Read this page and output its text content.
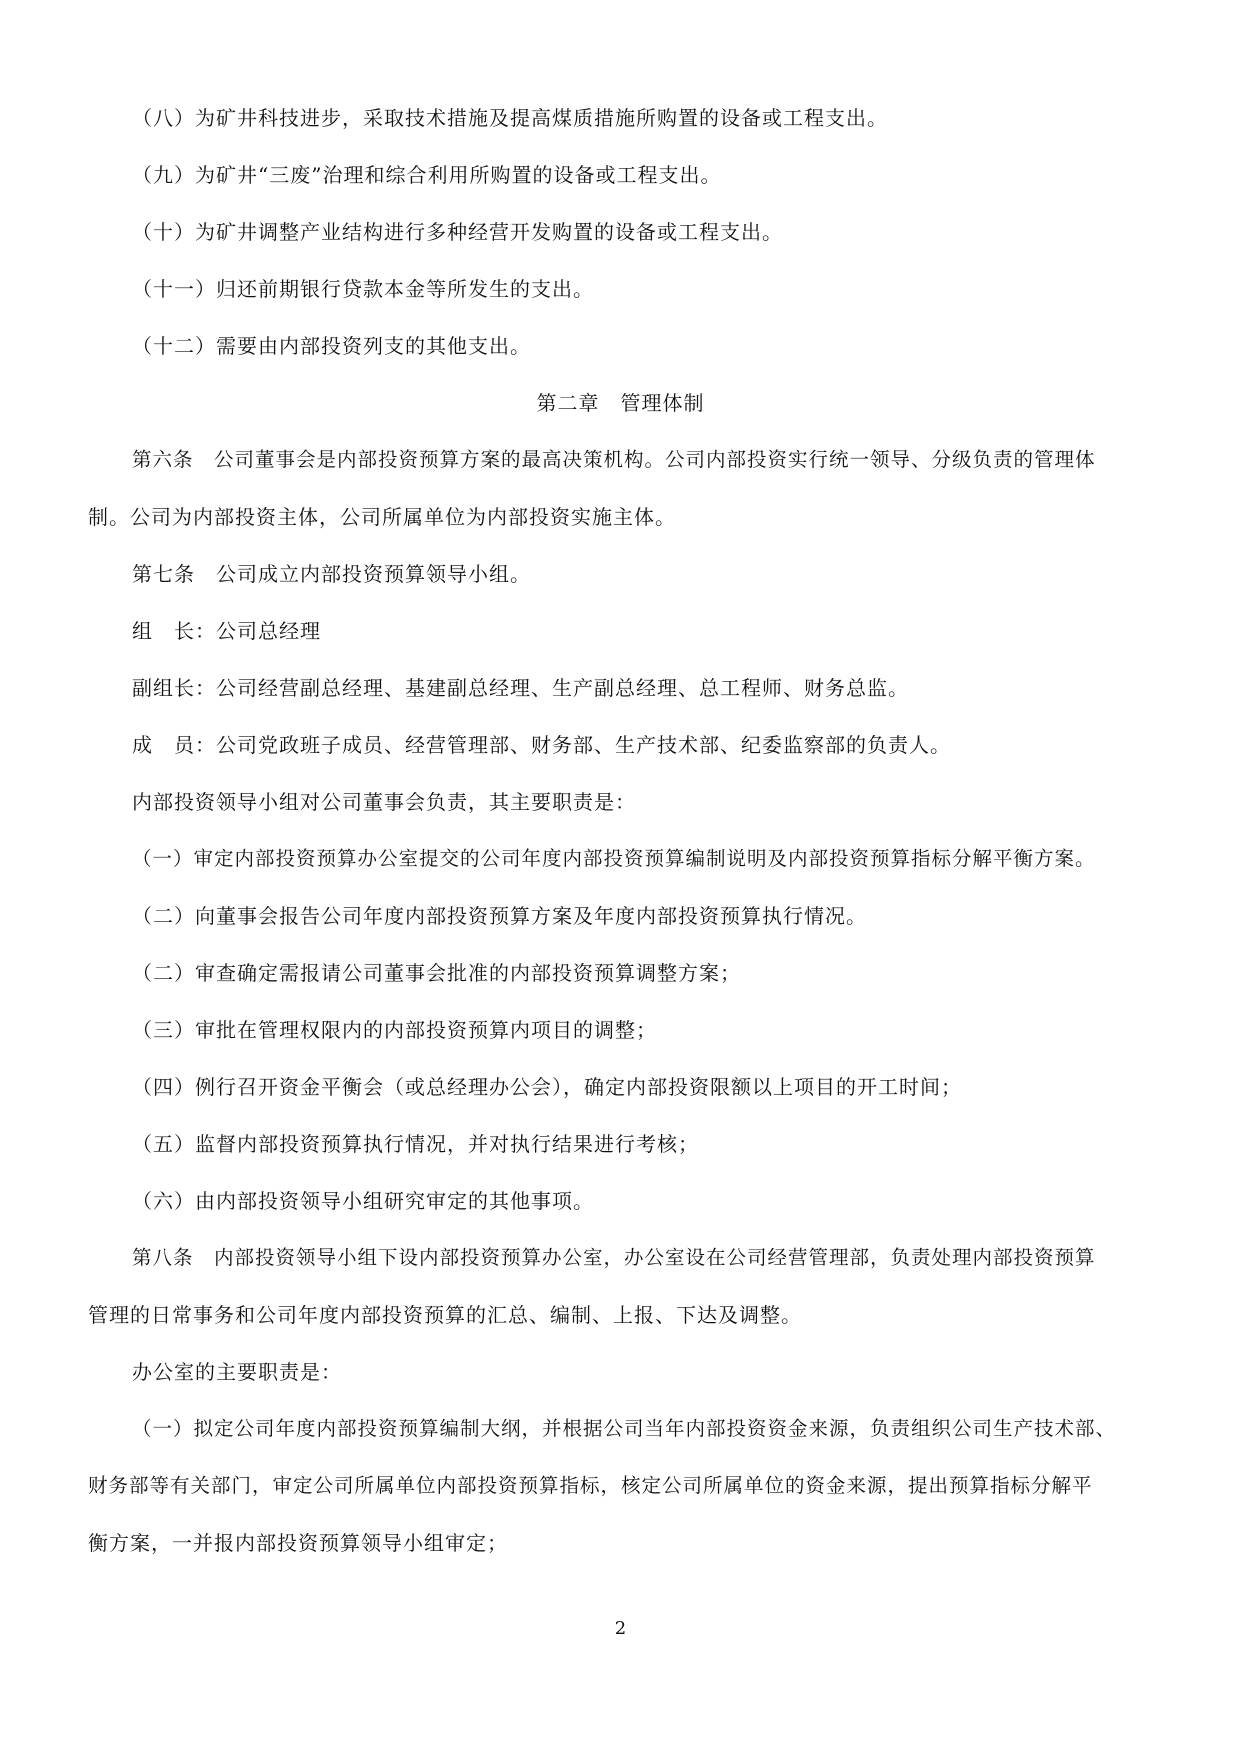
（八）为矿井科技进步，采取技术措施及提高煤质措施所购置的设备或工程支出。
（九）为矿井“三废”治理和综合利用所购置的设备或工程支出。
（十）为矿井调整产业结构进行多种经营开发购置的设备或工程支出。
（十一）归还前期银行贷款本金等所发生的支出。
（十二）需要由内部投资列支的其他支出。
第二章　管理体制
第六条　公司董事会是内部投资预算方案的最高决策机构。公司内部投资实行统一领导、分级负责的管理体
制。公司为内部投资主体，公司所属单位为内部投资实施主体。
第七条　公司成立内部投资预算领导小组。
组　长：公司总经理
副组长：公司经营副总经理、基建副总经理、生产副总经理、总工程师、财务总监。
成　员：公司党政班子成员、经营管理部、财务部、生产技术部、纪委监察部的负责人。
内部投资领导小组对公司董事会负责，其主要职责是：
（一）审定内部投资预算办公室提交的公司年度内部投资预算编制说明及内部投资预算指标分解平衡方案。
（二）向董事会报告公司年度内部投资预算方案及年度内部投资预算执行情况。
（二）审查确定需报请公司董事会批准的内部投资预算调整方案；
（三）审批在管理权限内的内部投资预算内项目的调整；
（四）例行召开资金平衡会（或总经理办公会），确定内部投资限额以上项目的开工时间；
（五）监督内部投资预算执行情况，并对执行结果进行考核；
（六）由内部投资领导小组研究审定的其他事项。
第八条　内部投资领导小组下设内部投资预算办公室，办公室设在公司经营管理部，负责处理内部投资预算
管理的日常事务和公司年度内部投资预算的汇总、编制、上报、下达及调整。
办公室的主要职责是：
（一）拟定公司年度内部投资预算编制大纲，并根据公司当年内部投资资金来源，负责组织公司生产技术部、
财务部等有关部门，审定公司所属单位内部投资预算指标，核定公司所属单位的资金来源，提出预算指标分解平
衡方案，一并报内部投资预算领导小组审定；
2
